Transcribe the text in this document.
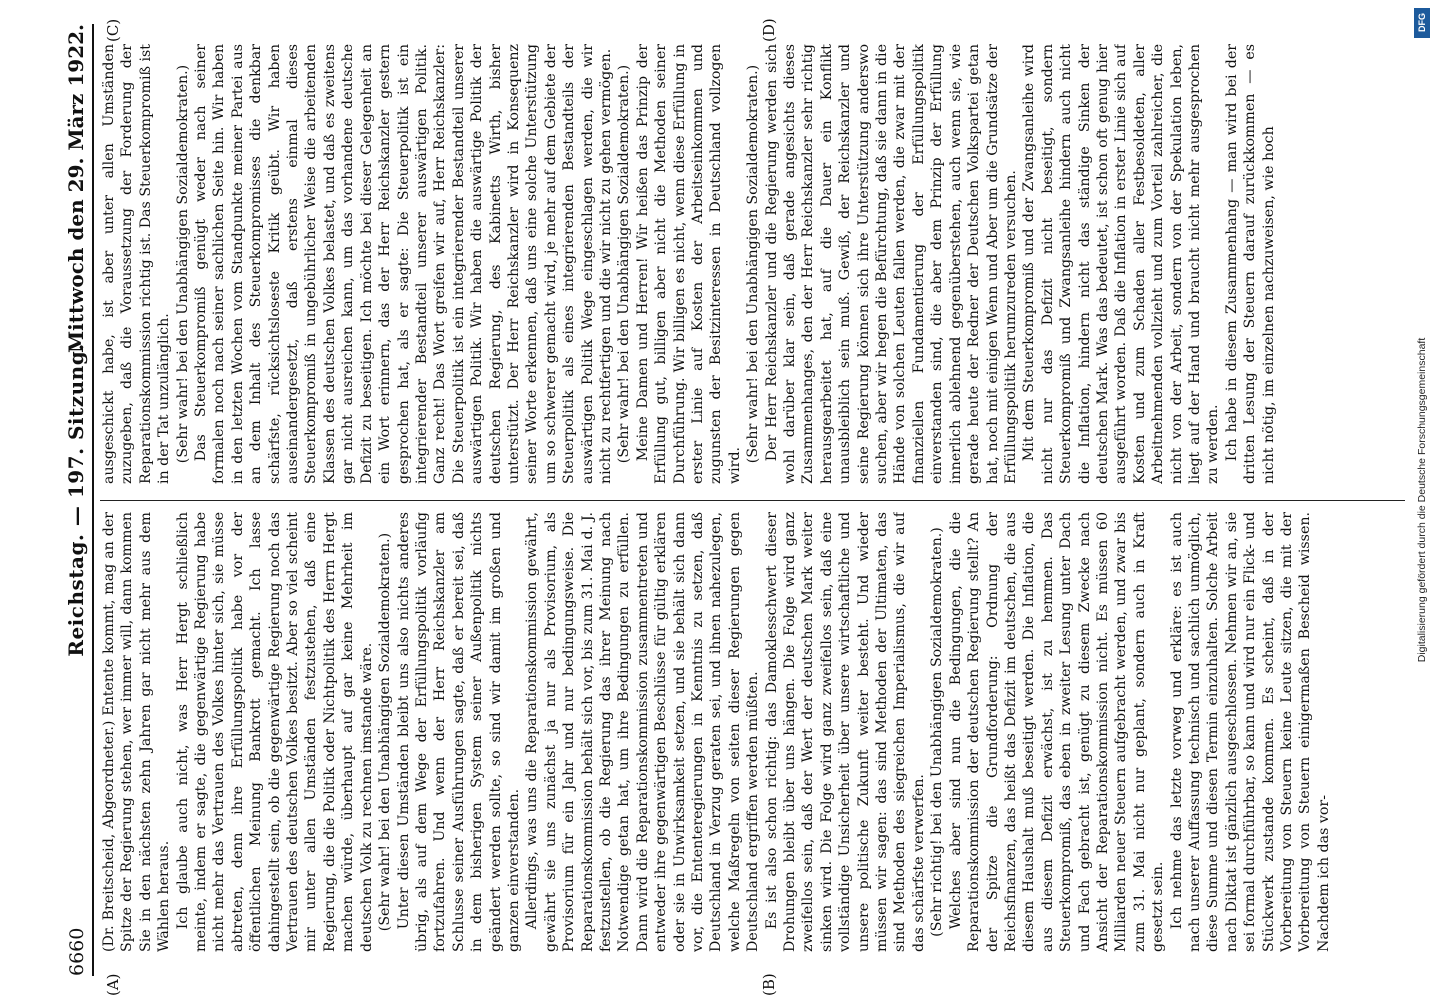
6660
Reichstag. — 197. Sitzung.
Mittwoch den 29. März 1922.
(A)	(B)
(C)	(D)

(Dr. Breitscheid, Abgeordneter.) Entente kommt, mag an der Spitze der Regierung stehen, wer immer will, dann kommen Sie in den nächsten zehn Jahren gar nicht mehr aus dem Wählen heraus. Ich glaube auch nicht, was Herr Hergt schließlich meinte, indem er sagte, die gegenwärtige Regierung habe nicht mehr das Vertrauen des Volkes hinter sich, sie müsse abtreten, denn ihre Erfüllungspolitik habe vor der öffentlichen Meinung Bankrott gemacht. Ich lasse dahingestellt sein, ob die gegenwärtige Regierung noch das Vertrauen des deutschen Volkes besitzt. Aber so viel scheint mir unter allen Umständen festzustehen, daß eine Regierung, die die Politik oder Nichtpolitik des Herrn Hergt machen würde, überhaupt auf gar keine Mehrheit im deutschen Volk zu rechnen imstande wäre. (Sehr wahr! bei den Unabhängigen Sozialdemokraten.) Unter diesen Umständen bleibt uns also nichts anderes übrig, als auf dem Wege der Erfüllungspolitik vorläufig fortzufahren. Und wenn der Herr Reichskanzler am Schlusse seiner Ausführungen sagte, daß er bereit sei, daß in dem bisherigen System seiner Außenpolitik nichts geändert werden sollte, so sind wir damit im großen und ganzen einverstanden. Allerdings, was uns die Reparationskommission gewährt, gewährt sie uns zunächst ja nur als Provisorium, als Provisorium für ein Jahr und nur bedingungsweise. Die Reparationskommission behält sich vor, bis zum 31. Mai d. J. festzustellen, ob die Regierung das ihrer Meinung nach Notwendige getan hat, um ihre Bedingungen zu erfüllen. Dann wird die Reparationskommission zusammentreten und entweder ihre gegenwärtigen Beschlüsse für gültig erklären oder sie in Unwirksamkeit setzen, und sie behält sich dann vor, die Ententeregierungen in Kenntnis zu setzen, daß Deutschland in Verzug geraten sei, und ihnen nahezulegen, welche Maßregeln von seiten dieser Regierungen gegen Deutschland ergriffen werden müßten. Es ist also schon richtig: das Damoklesschwert dieser Drohungen bleibt über uns hängen. Die Folge wird ganz zweifellos sein, daß der Wert der deutschen Mark weiter sinken wird. Die Folge wird ganz zweifellos sein, daß eine vollständige Unsicherheit über unsere wirtschaftliche und unsere politische Zukunft weiter besteht. Und wieder müssen wir sagen: das sind Methoden der Ultimaten, das sind Methoden des siegreichen Imperialismus, die wir auf das schärfste verwerfen. (Sehr richtig! bei den Unabhängigen Sozialdemokraten.) Welches aber sind nun die Bedingungen, die die Reparationskommission der deutschen Regierung stellt? An der Spitze die Grundforderung: Ordnung der Reichsfinanzen, das heißt das Defizit im deutschen, die aus diesem Haushalt muß beseitigt werden. Die Inflation, die aus diesem Defizit erwächst, ist zu hemmen. Das Steuerkompromiß, das eben in zweiter Lesung unter Dach und Fach gebracht ist, genügt zu diesem Zwecke nach Ansicht der Reparationskommission nicht. Es müssen 60 Milliarden neuer Steuern aufgebracht werden, und zwar bis zum 31. Mai nicht nur geplant, sondern auch in Kraft gesetzt sein. Ich nehme das letzte vorweg und erkläre: es ist auch nach unserer Auffassung technisch und sachlich unmöglich, diese Summe und diesen Termin einzuhalten. Solche Arbeit nach Diktat ist gänzlich ausgeschlossen. Nehmen wir an, sie sei formal durchführbar, so kann und wird nur ein Flick- und Stückwerk zustande kommen. Es scheint, daß in der Vorbereitung von Steuern keine Leute sitzen, die mit der Vorbereitung von Steuern einigermaßen Bescheid wissen. Nachdem ich das vor-

ausgeschickt habe, ist aber unter allen Umständen zuzugeben, daß die Voraussetzung der Forderung der Reparationskommission richtig ist. Das Steuerkompromiß ist in der Tat unzulänglich. (Sehr wahr! bei den Unabhängigen Sozialdemokraten.) Das Steuerkompromiß genügt weder nach seiner formalen noch nach seiner sachlichen Seite hin. Wir haben in den letzten Wochen vom Standpunkte meiner Partei aus an dem Inhalt des Steuerkompromisses die denkbar schärfste, rücksichtsloseste Kritik geübt. Wir haben auseinandergesetzt, daß erstens einmal dieses Steuerkompromiß in ungebührlicher Weise die arbeitenden Klassen des deutschen Volkes belastet, und daß es zweitens gar nicht ausreichen kann, um das vorhandene deutsche Defizit zu beseitigen. Ich möchte bei dieser Gelegenheit an ein Wort erinnern, das der Herr Reichskanzler gestern gesprochen hat, als er sagte: Die Steuerpolitik ist ein integrierender Bestandteil unserer auswärtigen Politik. Ganz recht! Das Wort greifen wir auf, Herr Reichskanzler: Die Steuerpolitik ist ein integrierender Bestandteil unserer auswärtigen Politik. Wir haben die auswärtige Politik der deutschen Regierung, des Kabinetts Wirth, bisher unterstützt. Der Herr Reichskanzler wird in Konsequenz seiner Worte erkennen, daß uns eine solche Unterstützung um so schwerer gemacht wird, je mehr auf dem Gebiete der Steuerpolitik als eines integrierenden Bestandteils der auswärtigen Politik Wege eingeschlagen werden, die wir nicht zu rechtfertigen und die wir nicht zu gehen vermögen. (Sehr wahr! bei den Unabhängigen Sozialdemokraten.) Meine Damen und Herren! Wir heißen das Prinzip der Erfüllung gut, billigen aber nicht die Methoden seiner Durchführung. Wir billigen es nicht, wenn diese Erfüllung in erster Linie auf Kosten der Arbeitseinkommen und zugunsten der Besitzinteressen in Deutschland vollzogen wird.

(Sehr wahr! bei den Unabhängigen Sozialdemokraten.) Der Herr Reichskanzler und die Regierung werden sich wohl darüber klar sein, daß gerade angesichts dieses Zusammenhanges, den der Herr Reichskanzler sehr richtig herausgearbeitet hat, auf die Dauer ein Konflikt unausbleiblich sein muß. Gewiß, der Reichskanzler und seine Regierung können sich ihre Unterstützung anderswo suchen, aber wir hegen die Befürchtung, daß sie dann in die Hände von solchen Leuten fallen werden, die zwar mit der finanziellen Fundamentierung der Erfüllungspolitik einverstanden sind, die aber dem Prinzip der Erfüllung innerlich ablehnend gegenüberstehen, auch wenn sie, wie gerade heute der Redner der Deutschen Volkspartei getan hat, noch mit einigen Wenn und Aber um die Grundsätze der Erfüllungspolitik herumzureden versuchen. Mit dem Steuerkompromiß und der Zwangsanleihe wird nicht nur das Defizit nicht beseitigt, sondern Steuerkompromiß und Zwangsanleihe hindern auch nicht die Inflation, hindern nicht das ständige Sinken der deutschen Mark. Was das bedeutet, ist schon oft genug hier ausgeführt worden. Daß die Inflation in erster Linie sich auf Kosten und zum Schaden aller Festbesoldeten, aller Arbeitnehmenden vollzieht und zum Vorteil zahlreicher, die nicht von der Arbeit, sondern von der Spekulation leben, liegt auf der Hand und braucht nicht mehr ausgesprochen zu werden. Ich habe in diesem Zusammenhang — man wird bei der dritten Lesung der Steuern darauf zurückkommen — es nicht nötig, im einzelnen nachzuweisen, wie hoch

DFG
Digitalisierung gefördert durch die Deutsche Forschungsgemeinschaft
